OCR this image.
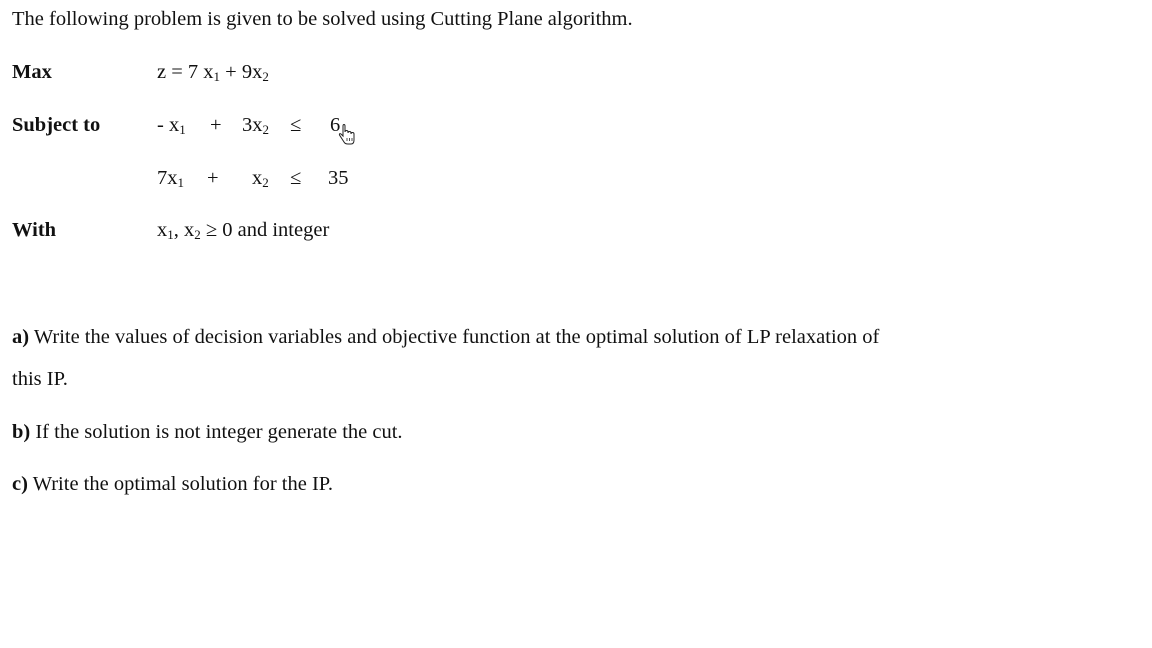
The following problem is given to be solved using Cutting Plane algorithm.
Max	z = 7 $x_1 + 9x_2$
Subject to	- $x_1 + 3x_2 \le 6$
$7x_1 + x_2 \le 35$
With	$x_1$, $x_2 \ge 0$ and integer
a) Write the values of decision variables and objective function at the optimal solution of LP relaxation of
this IP.
b) If the solution is not integer generate the cut.
c) Write the optimal solution for the IP.
